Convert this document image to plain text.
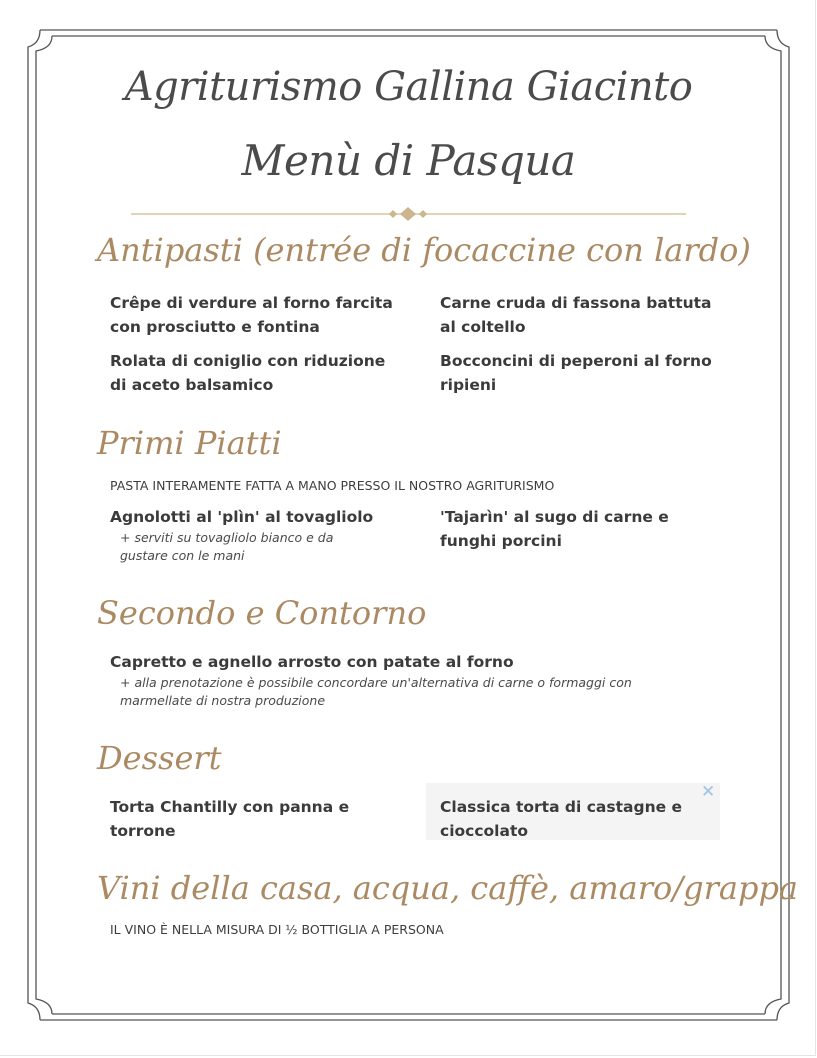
Agriturismo Gallina Giacinto
Menù di Pasqua
Antipasti (entrée di focaccine con lardo)
Crêpe di verdure al forno farcita con prosciutto e fontina
Carne cruda di fassona battuta al coltello
Rolata di coniglio con riduzione di aceto balsamico
Bocconcini di peperoni al forno ripieni
Primi Piatti
PASTA INTERAMENTE FATTA A MANO PRESSO IL NOSTRO AGRITURISMO
Agnolotti al 'plìn' al tovagliolo
+ serviti su tovagliolo bianco e da gustare con le mani
'Tajarìn' al sugo di carne e funghi porcini
Secondo e Contorno
Capretto e agnello arrosto con patate al forno
+ alla prenotazione è possibile concordare un'alternativa di carne o formaggi con marmellate di nostra produzione
Dessert
Torta Chantilly con panna e torrone
Classica torta di castagne e cioccolato
✕
Vini della casa, acqua, caffè, amaro/grappa
IL VINO È NELLA MISURA DI ½ BOTTIGLIA A PERSONA
